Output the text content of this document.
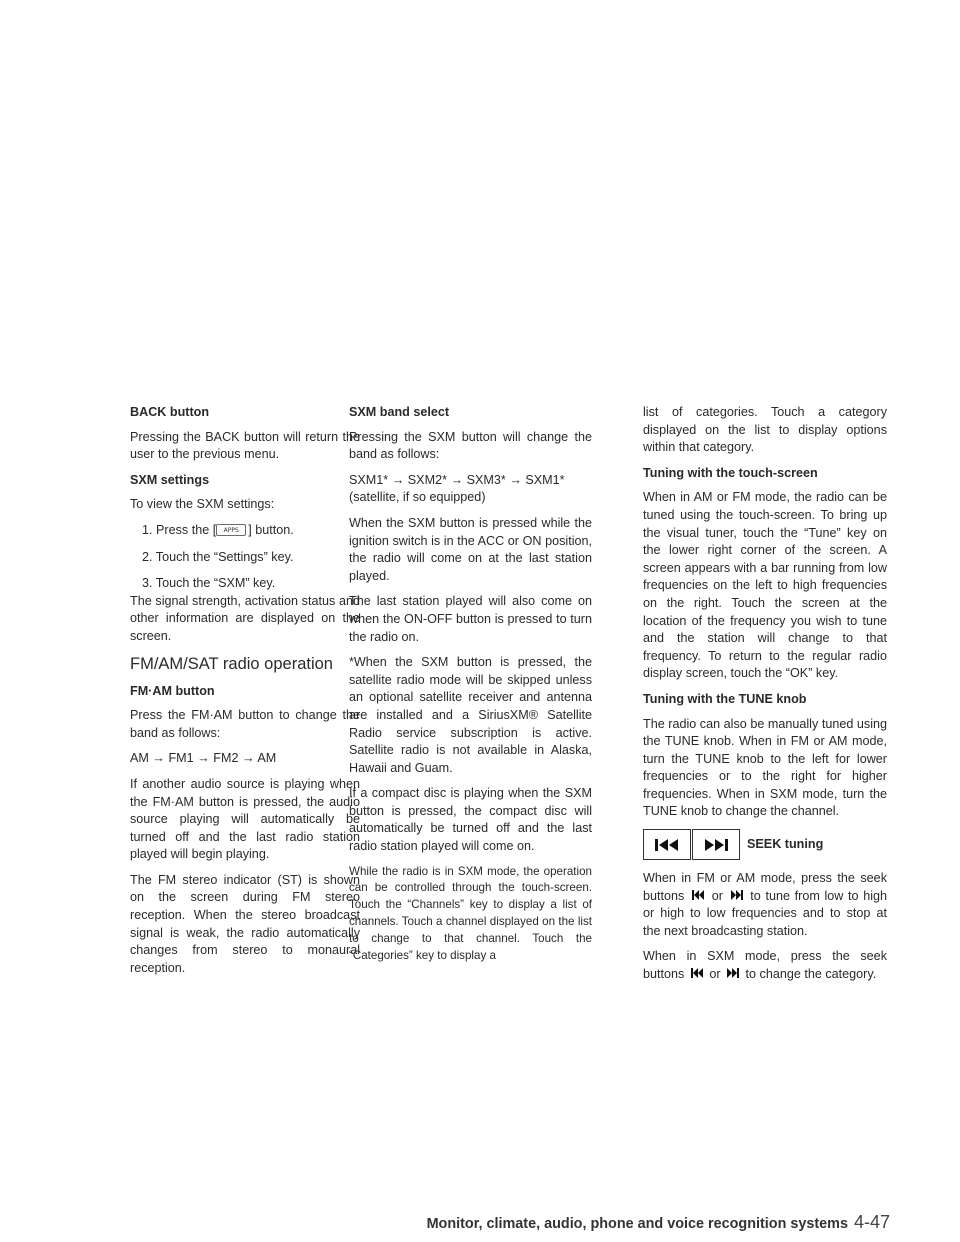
BACK button

Pressing the BACK button will return the user to the previous menu.

SXM settings

To view the SXM settings:

1. Press the [ APPS ] button.
2. Touch the “Settings” key.
3. Touch the “SXM” key.

The signal strength, activation status and other information are displayed on the screen.

FM/AM/SAT radio operation
FM·AM button

Press the FM·AM button to change the band as follows:

AM → FM1 → FM2 → AM

If another audio source is playing when the FM·AM button is pressed, the audio source playing will automatically be turned off and the last radio station played will begin playing.

The FM stereo indicator (ST) is shown on the screen during FM stereo reception. When the stereo broadcast signal is weak, the radio automatically changes from stereo to monaural reception.

SXM band select

Pressing the SXM button will change the band as follows:

SXM1* → SXM2* → SXM3* → SXM1* (satellite, if so equipped)

When the SXM button is pressed while the ignition switch is in the ACC or ON position, the radio will come on at the last station played.

The last station played will also come on when the ON-OFF button is pressed to turn the radio on.

*When the SXM button is pressed, the satellite radio mode will be skipped unless an optional satellite receiver and antenna are installed and a SiriusXM® Satellite Radio service subscription is active. Satellite radio is not available in Alaska, Hawaii and Guam.

If a compact disc is playing when the SXM button is pressed, the compact disc will automatically be turned off and the last radio station played will come on.

While the radio is in SXM mode, the operation can be controlled through the touch-screen. Touch the “Channels” key to display a list of channels. Touch a channel displayed on the list to change to that channel. Touch the “Categories” key to display a

list of categories. Touch a category displayed on the list to display options within that category.

Tuning with the touch-screen

When in AM or FM mode, the radio can be tuned using the touch-screen. To bring up the visual tuner, touch the “Tune” key on the lower right corner of the screen. A screen appears with a bar running from low frequencies on the left to high frequencies on the right. Touch the screen at the location of the frequency you wish to tune and the station will change to that frequency. To return to the regular radio display screen, touch the “OK” key.

Tuning with the TUNE knob

The radio can also be manually tuned using the TUNE knob. When in FM or AM mode, turn the TUNE knob to the left for lower frequencies or to the right for higher frequencies. When in SXM mode, turn the TUNE knob to change the channel.

SEEK tuning

When in FM or AM mode, press the seek buttons or to tune from low to high or high to low frequencies and to stop at the next broadcasting station.

When in SXM mode, press the seek buttons or to change the category.

Monitor, climate, audio, phone and voice recognition systems 4-47
